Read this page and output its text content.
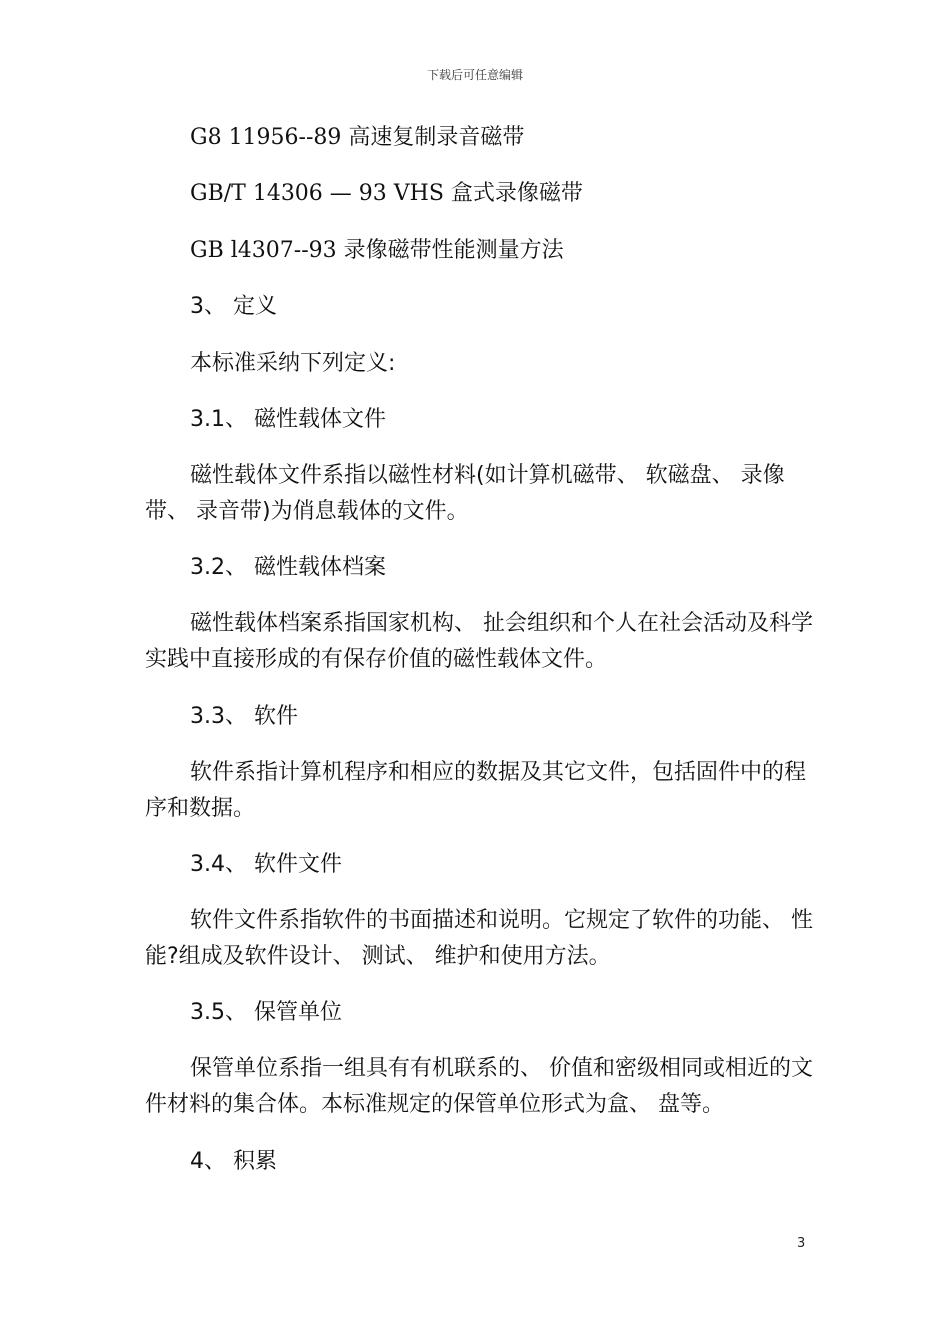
下载后可任意编辑
G8 11956--89 高速复制录音磁带
GB/T 14306 — 93 VHS 盒式录像磁带
GB l4307--93 录像磁带性能测量方法
3、 定义
本标准采纳下列定义:
3.1、 磁性载体文件
磁性载体文件系指以磁性材料(如计算机磁带、 软磁盘、 录像带、 录音带)为俏息载体的文件。
3.2、 磁性载体档案
磁性载体档案系指国家机构、 扯会组织和个人在社会活动及科学实践中直接形成的有保存价值的磁性载体文件。
3.3、 软件
软件系指计算机程序和相应的数据及其它文件，包括固件中的程序和数据。
3.4、 软件文件
软件文件系指软件的书面描述和说明。它规定了软件的功能、 性能?组成及软件设计、 测试、 维护和使用方法。
3.5、 保管单位
保管单位系指一组具有有机联系的、 价值和密级相同或相近的文件材料的集合体。本标准规定的保管单位形式为盒、 盘等。
4、 积累
3
